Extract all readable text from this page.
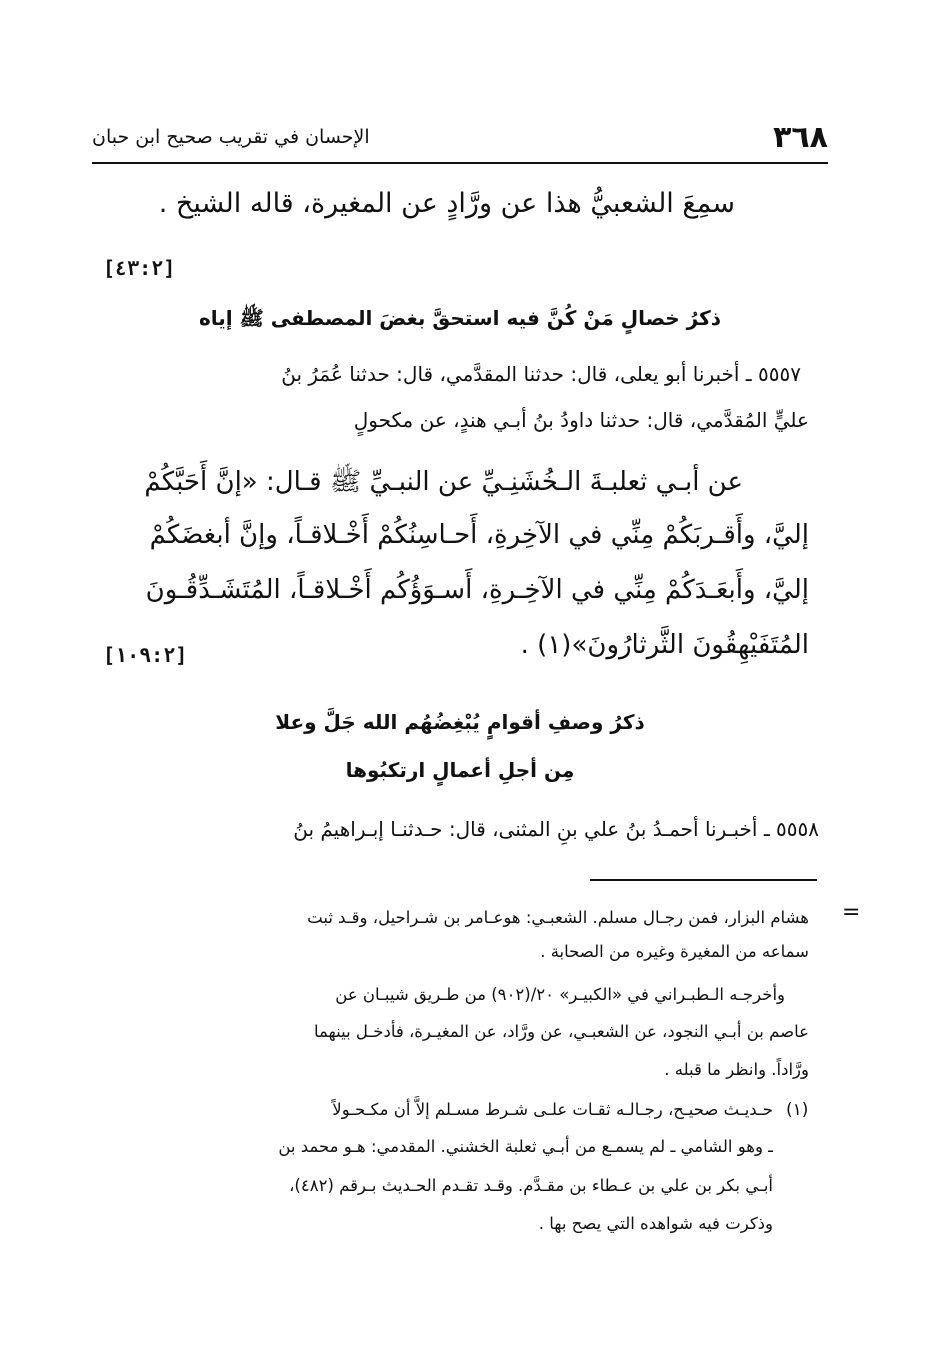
٣٦٨
الإحسان في تقريب صحيح ابن حبان
سمِعَ الشعبيُّ هذا عن ورَّادٍ عن المغيرة، قاله الشيخ .
[٤٣:٢]
ذكرُ خصالٍ مَنْ كُنَّ فيه استحقَّ بغضَ المصطفى ﷺ إياه
٥٥٥٧ ـ أخبرنا أبو يعلى، قال: حدثنا المقدَّمي، قال: حدثنا عُمَرُ بنُ
عليٍّ المُقدَّمي، قال: حدثنا داودُ بنُ أبـي هندٍ، عن مكحولٍ
عن أبـي ثعلبـةَ الـخُشَنِـيِّ عن النبـيِّ ﷺ قـال: «إنَّ أَحَبَّكُمْ
إليَّ، وأَقـربَكُمْ مِنِّي في الآخِرةِ، أَحـاسِنُكُمْ أَخْـلاقـاً، وإنَّ أبغضَكُمْ
إليَّ، وأَبعَـدَكُمْ مِنِّي في الآخِـرةِ، أَسـوَؤُكُم أَخْـلاقـاً، المُتَشَـدِّقُـونَ
المُتَفَيْهِقُونَ الثَّرثارُونَ»(١) .
[١٠٩:٢]
ذكرُ وصفِ أقوامٍ يُبْغِضُهُم الله جَلَّ وعلا
مِن أجلِ أعمالٍ ارتكبُوها
٥٥٥٨ ـ أخبـرنا أحمـدُ بنُ علي بنِ المثنى، قال: حـدثنـا إبـراهيمُ بنُ
=
هشام البزار، فمن رجـال مسلم. الشعبـي: هوعـامر بن شـراحيل، وقـد ثبت
سماعه من المغيرة وغيره من الصحابة .
وأخرجـه الـطبـراني في «الكبيـر» ٢٠/(٩٠٢) من طـريق شيبـان عن
عاصم بن أبـي النجود، عن الشعبـي، عن ورَّاد، عن المغيـرة، فأدخـل بينهما
ورَّاداً. وانظر ما قبله .
(١)
حـديـث صحيـح، رجـالـه ثقـات علـى شـرط مسـلم إلاَّ أن مكـحـولاً
ـ وهو الشامي ـ لم يسمـع من أبـي ثعلبة الخشني. المقدمي: هـو محمد بن
أبـي بكر بن علي بن عـطاء بن مقـدَّم. وقـد تقـدم الحـديث بـرقم (٤٨٢)،
وذكرت فيه شواهده التي يصح بها .
